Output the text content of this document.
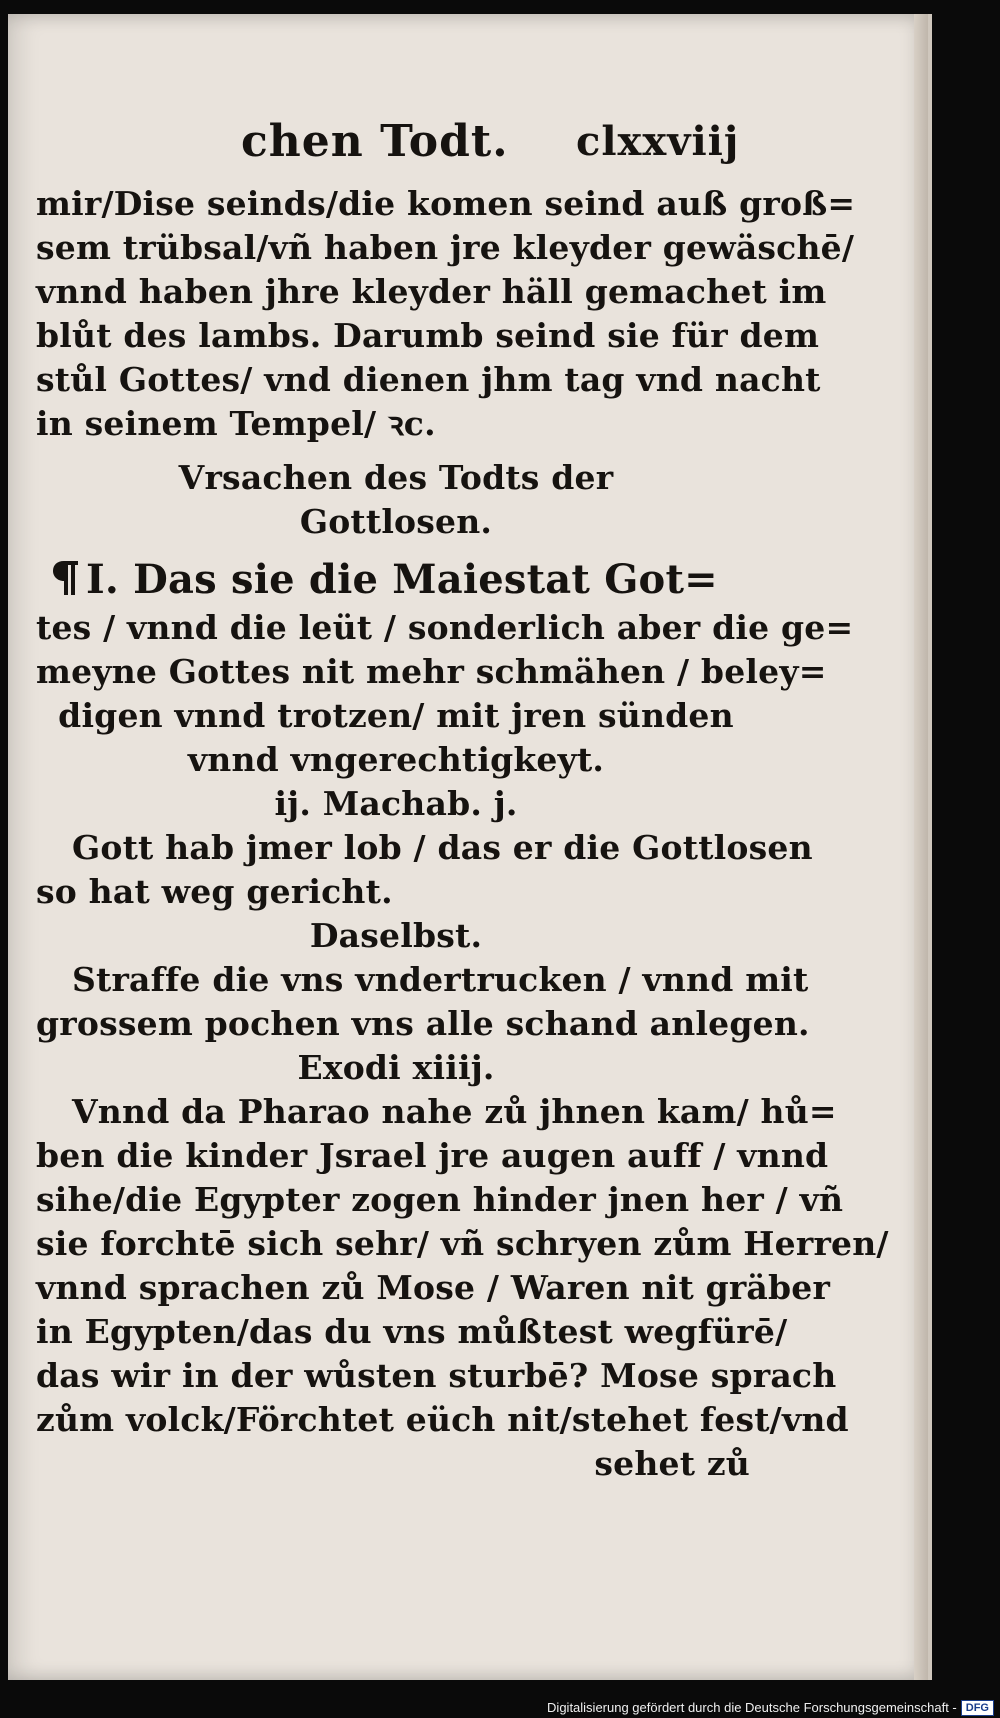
chen Todt. clxxviij
mir/Dise seinds/die komen seind auß groß=
sem trübsal/vñ haben jre kleyder gewäschē/
vnnd haben jhre kleyder häll gemachet im
blůt des lambs. Darumb seind sie für dem
stůl Gottes/ vnd dienen jhm tag vnd nacht
in seinem Tempel/ ꝛc.
Vrsachen des Todts der
Gottlosen.
I. Das sie die Maiestat Got=
tes / vnnd die leüt / sonderlich aber die ge=
meyne Gottes nit mehr schmähen / beley=
digen vnnd trotzen/ mit jren sünden
vnnd vngerechtigkeyt.
ij. Machab. j.
Gott hab jmer lob / das er die Gottlosen
so hat weg gericht.
Daselbst.
Straffe die vns vndertrucken / vnnd mit
grossem pochen vns alle schand anlegen.
Exodi xiiij.
Vnnd da Pharao nahe zů jhnen kam/ hů=
ben die kinder Jsrael jre augen auff / vnnd
sihe/die Egypter zogen hinder jnen her / vñ
sie forchtē sich sehr/ vñ schryen zům Herren/
vnnd sprachen zů Mose / Waren nit gräber
in Egypten/das du vns můßtest wegfürē/
das wir in der wůsten sturbē? Mose sprach
zům volck/Förchtet eüch nit/stehet fest/vnd
sehet zů
Digitalisierung gefördert durch die Deutsche Forschungsgemeinschaft - DFG
